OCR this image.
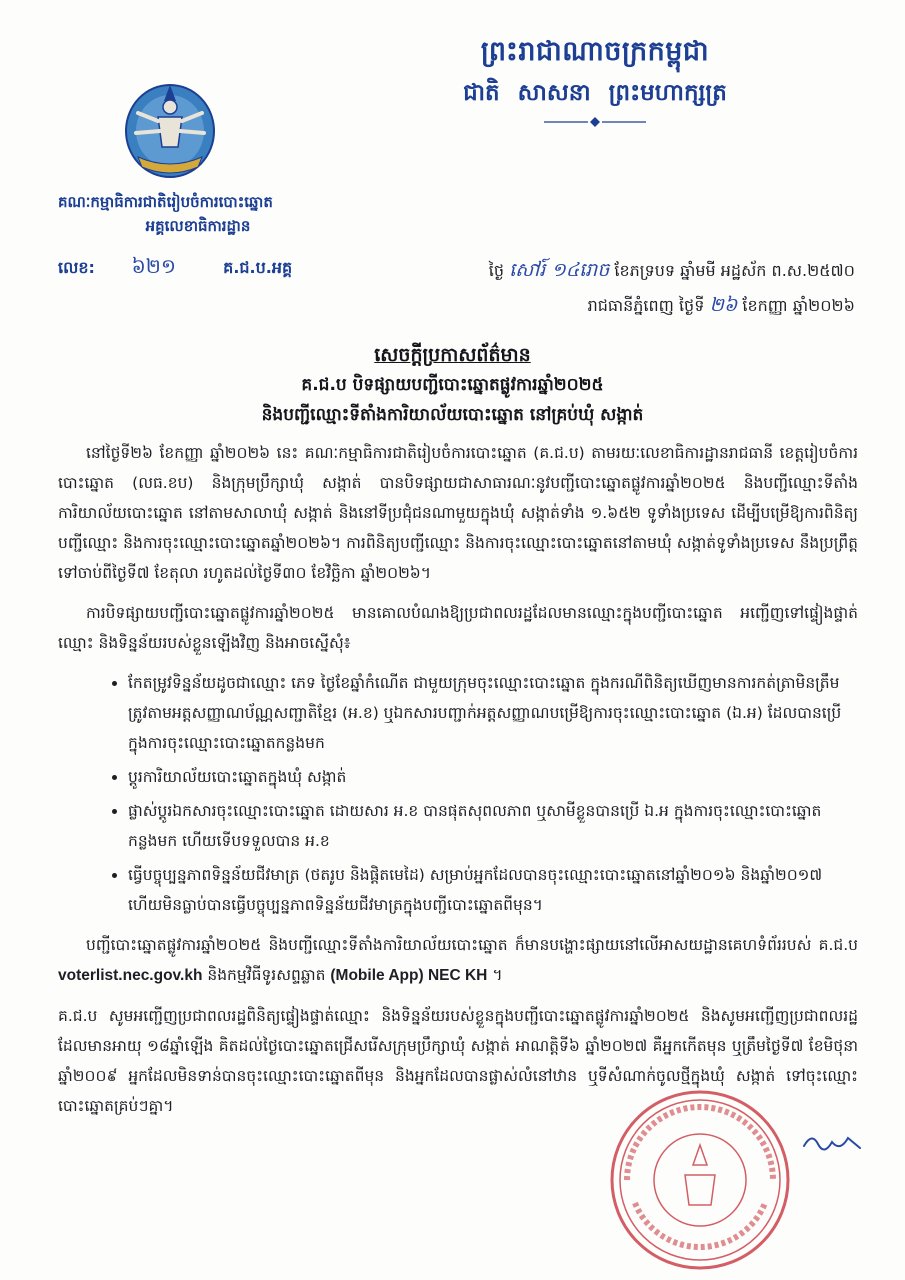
ព្រះរាជាណាចក្រកម្ពុជា
ជាតិ សាសនា ព្រះមហាក្សត្រ
គណៈកម្មាធិការជាតិរៀបចំការបោះឆ្នោត
អគ្គលេខាធិការដ្ឋាន
លេខ: ៦២១	គ.ជ.ប.អគ្គ	ថ្ងៃ សៅរ៍ ១៤រោច ខែភទ្របទ ឆ្នាំមមី អដ្ឋស័ក ព.ស.២៥៧០
រាជធានីភ្នំពេញ ថ្ងៃទី ២៦ ខែកញ្ញា ឆ្នាំ២០២៦
សេចក្តីប្រកាសព័ត៌មាន
គ.ជ.ប បិទផ្សាយបញ្ជីបោះឆ្នោតផ្លូវការឆ្នាំ២០២៥
និងបញ្ជីឈ្មោះទីតាំងការិយាល័យបោះឆ្នោត នៅគ្រប់ឃុំ សង្កាត់

នៅថ្ងៃទី២៦ ខែកញ្ញា ឆ្នាំ២០២៦ នេះ គណៈកម្មាធិការជាតិរៀបចំការបោះឆ្នោត (គ.ជ.ប) តាមរយៈលេខាធិការដ្ឋានរាជធានី ខេត្តរៀបចំការបោះឆ្នោត (លធ.ខប) និងក្រុមប្រឹក្សាឃុំ សង្កាត់ បានបិទផ្សាយជាសាធារណៈនូវបញ្ជីបោះឆ្នោតផ្លូវការឆ្នាំ២០២៥ និងបញ្ជីឈ្មោះទីតាំងការិយាល័យបោះឆ្នោត នៅតាមសាលាឃុំ សង្កាត់ និងនៅទីប្រជុំជនណាមួយក្នុងឃុំ សង្កាត់ទាំង ១.៦៥២ ទូទាំងប្រទេស ដើម្បីបម្រើឱ្យការពិនិត្យបញ្ជីឈ្មោះ និងការចុះឈ្មោះបោះឆ្នោតឆ្នាំ២០២៦។ ការពិនិត្យបញ្ជីឈ្មោះ និងការចុះឈ្មោះបោះឆ្នោតនៅតាមឃុំ សង្កាត់ទូទាំងប្រទេស នឹងប្រព្រឹត្តទៅចាប់ពីថ្ងៃទី៧ ខែតុលា រហូតដល់ថ្ងៃទី៣០ ខែវិច្ឆិកា ឆ្នាំ២០២៦។

ការបិទផ្សាយបញ្ជីបោះឆ្នោតផ្លូវការឆ្នាំ២០២៥ មានគោលបំណងឱ្យប្រជាពលរដ្ឋដែលមានឈ្មោះក្នុងបញ្ជីបោះឆ្នោត អញ្ជើញទៅផ្ទៀងផ្ទាត់ឈ្មោះ និងទិន្នន័យរបស់ខ្លួនឡើងវិញ និងអាចស្នើសុំ៖

• កែតម្រូវទិន្នន័យដូចជាឈ្មោះ ភេទ ថ្ងៃខែឆ្នាំកំណើត ជាមួយក្រុមចុះឈ្មោះបោះឆ្នោត ក្នុងករណីពិនិត្យឃើញមានការកត់ត្រាមិនត្រឹមត្រូវតាមអត្តសញ្ញាណប័ណ្ណសញ្ជាតិខ្មែរ (អ.ខ) ឬឯកសារបញ្ជាក់អត្តសញ្ញាណបម្រើឱ្យការចុះឈ្មោះបោះឆ្នោត (ឯ.អ) ដែលបានប្រើក្នុងការចុះឈ្មោះបោះឆ្នោតកន្លងមក
• ប្តូរការិយាល័យបោះឆ្នោតក្នុងឃុំ សង្កាត់
• ផ្លាស់ប្តូរឯកសារចុះឈ្មោះបោះឆ្នោត ដោយសារ អ.ខ បានផុតសុពលភាព ឬសាមីខ្លួនបានប្រើ ឯ.អ ក្នុងការចុះឈ្មោះបោះឆ្នោតកន្លងមក ហើយទើបទទួលបាន អ.ខ
• ធ្វើបច្ចុប្បន្នភាពទិន្នន័យជីវមាត្រ (ថតរូប និងផ្តិតមេដៃ) សម្រាប់អ្នកដែលបានចុះឈ្មោះបោះឆ្នោតនៅឆ្នាំ២០១៦ និងឆ្នាំ២០១៧ ហើយមិនធ្លាប់បានធ្វើបច្ចុប្បន្នភាពទិន្នន័យជីវមាត្រក្នុងបញ្ជីបោះឆ្នោតពីមុន។

បញ្ជីបោះឆ្នោតផ្លូវការឆ្នាំ២០២៥ និងបញ្ជីឈ្មោះទីតាំងការិយាល័យបោះឆ្នោត ក៏មានបង្ហោះផ្សាយនៅលើអាសយដ្ឋានគេហទំព័ររបស់ គ.ជ.ប voterlist.nec.gov.kh និងកម្មវិធីទូរសព្ទឆ្លាត (Mobile App) NEC KH ។

គ.ជ.ប សូមអញ្ជើញប្រជាពលរដ្ឋពិនិត្យផ្ទៀងផ្ទាត់ឈ្មោះ និងទិន្នន័យរបស់ខ្លួនក្នុងបញ្ជីបោះឆ្នោតផ្លូវការឆ្នាំ២០២៥ និងសូមអញ្ជើញប្រជាពលរដ្ឋដែលមានអាយុ ១៨ឆ្នាំឡើង គិតដល់ថ្ងៃបោះឆ្នោតជ្រើសរើសក្រុមប្រឹក្សាឃុំ សង្កាត់ អាណត្តិទី៦ ឆ្នាំ២០២៧ គឺអ្នកកើតមុន ឬត្រឹមថ្ងៃទី៧ ខែមិថុនា ឆ្នាំ២០០៩ អ្នកដែលមិនទាន់បានចុះឈ្មោះបោះឆ្នោតពីមុន និងអ្នកដែលបានផ្លាស់លំនៅឋាន ឬទីសំណាក់ចូលថ្មីក្នុងឃុំ សង្កាត់ ទៅចុះឈ្មោះបោះឆ្នោតគ្រប់ៗគ្នា។
